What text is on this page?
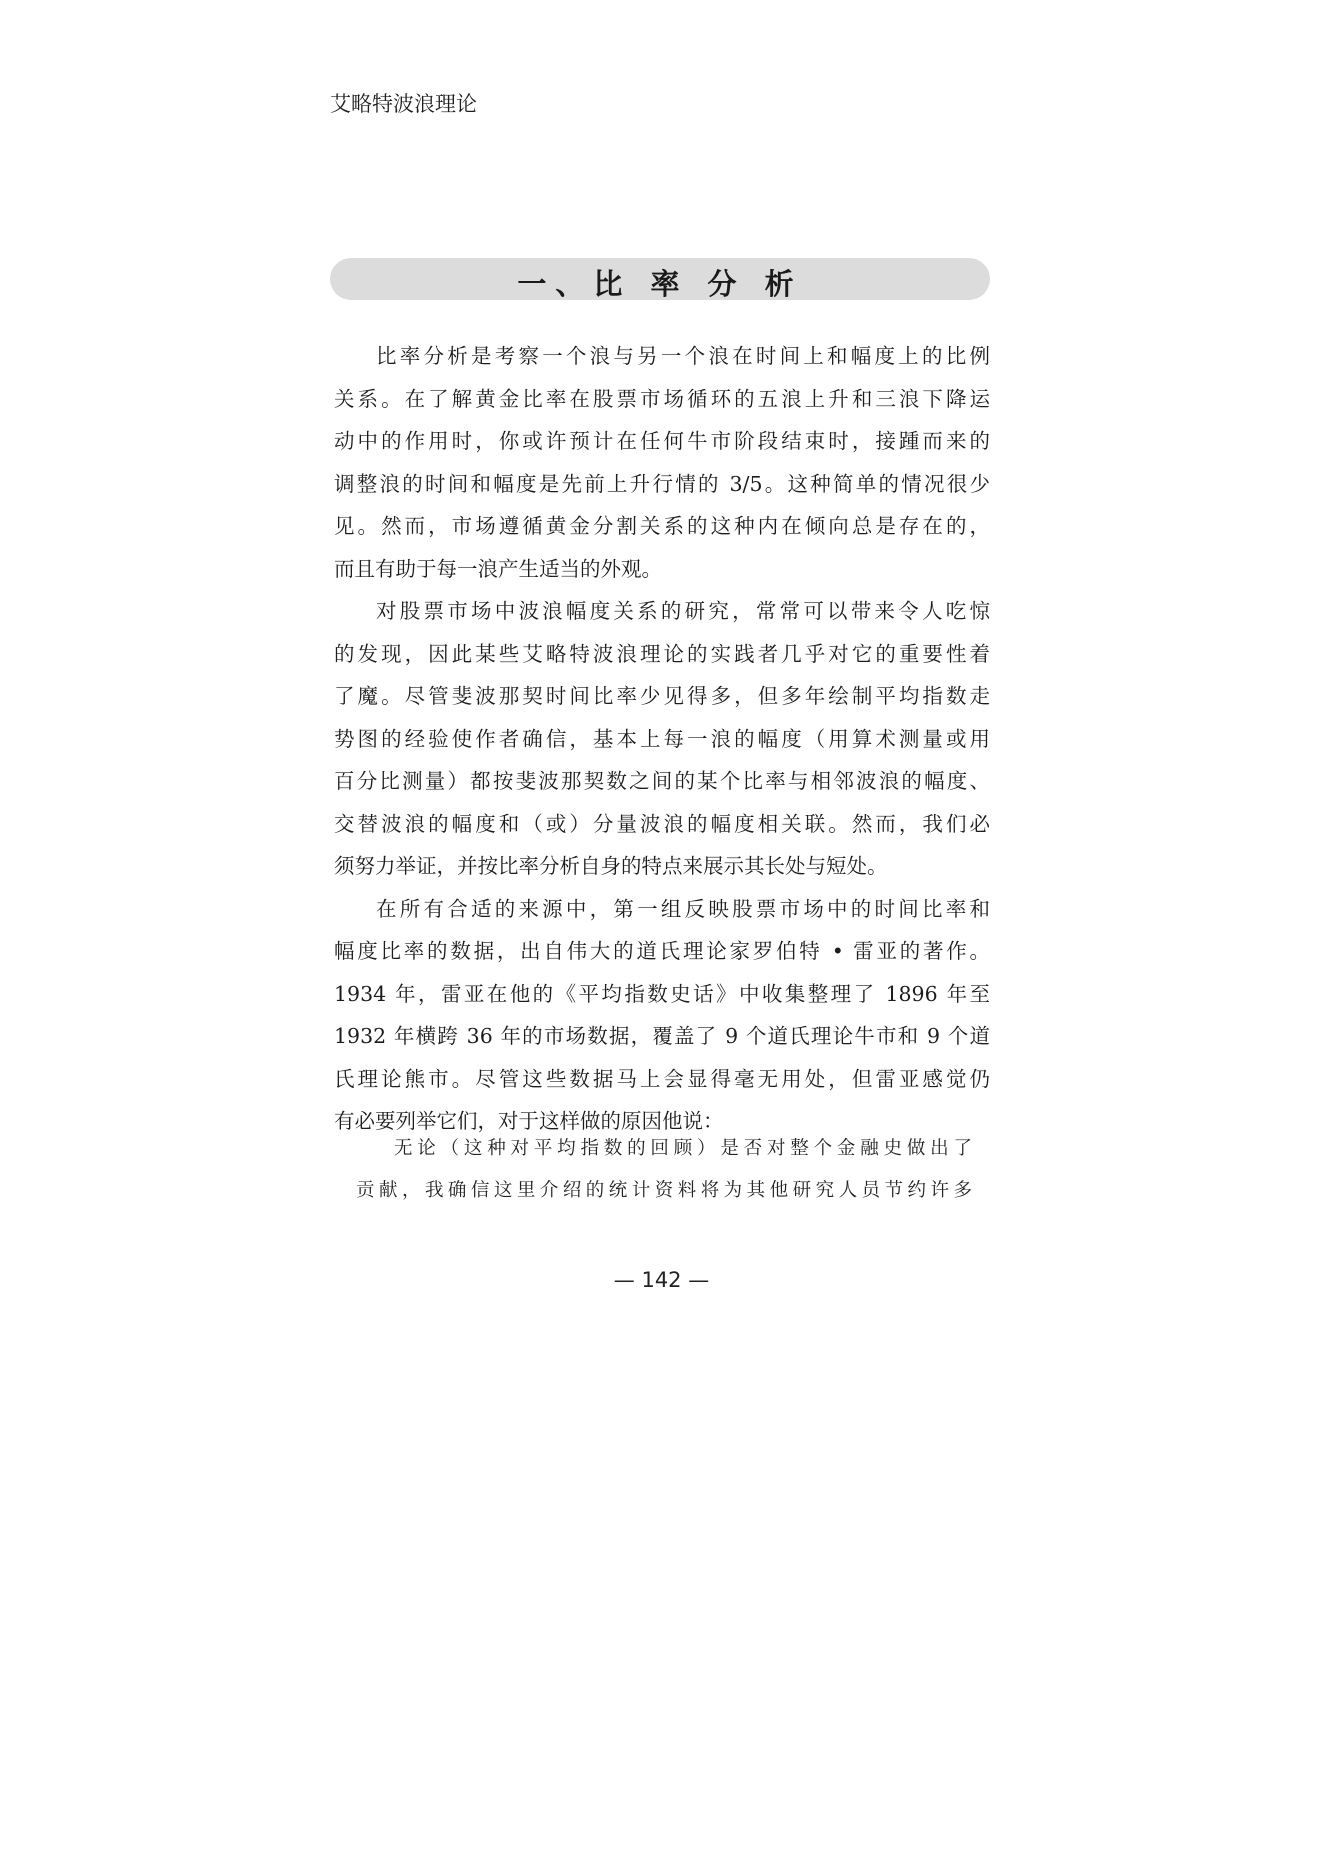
艾略特波浪理论
一、比 率 分 析
比率分析是考察一个浪与另一个浪在时间上和幅度上的比例
关系。在了解黄金比率在股票市场循环的五浪上升和三浪下降运
动中的作用时，你或许预计在任何牛市阶段结束时，接踵而来的
调整浪的时间和幅度是先前上升行情的 3/5。这种简单的情况很少
见。然而，市场遵循黄金分割关系的这种内在倾向总是存在的，
而且有助于每一浪产生适当的外观。
对股票市场中波浪幅度关系的研究，常常可以带来令人吃惊
的发现，因此某些艾略特波浪理论的实践者几乎对它的重要性着
了魔。尽管斐波那契时间比率少见得多，但多年绘制平均指数走
势图的经验使作者确信，基本上每一浪的幅度（用算术测量或用
百分比测量）都按斐波那契数之间的某个比率与相邻波浪的幅度、
交替波浪的幅度和（或）分量波浪的幅度相关联。然而，我们必
须努力举证，并按比率分析自身的特点来展示其长处与短处。
在所有合适的来源中，第一组反映股票市场中的时间比率和
幅度比率的数据，出自伟大的道氏理论家罗伯特 • 雷亚的著作。
1934 年，雷亚在他的《平均指数史话》中收集整理了 1896 年至
1932 年横跨 36 年的市场数据，覆盖了 9 个道氏理论牛市和 9 个道
氏理论熊市。尽管这些数据马上会显得毫无用处，但雷亚感觉仍
有必要列举它们，对于这样做的原因他说：
无论（这种对平均指数的回顾）是否对整个金融史做出了
贡献，我确信这里介绍的统计资料将为其他研究人员节约许多
— 142 —
